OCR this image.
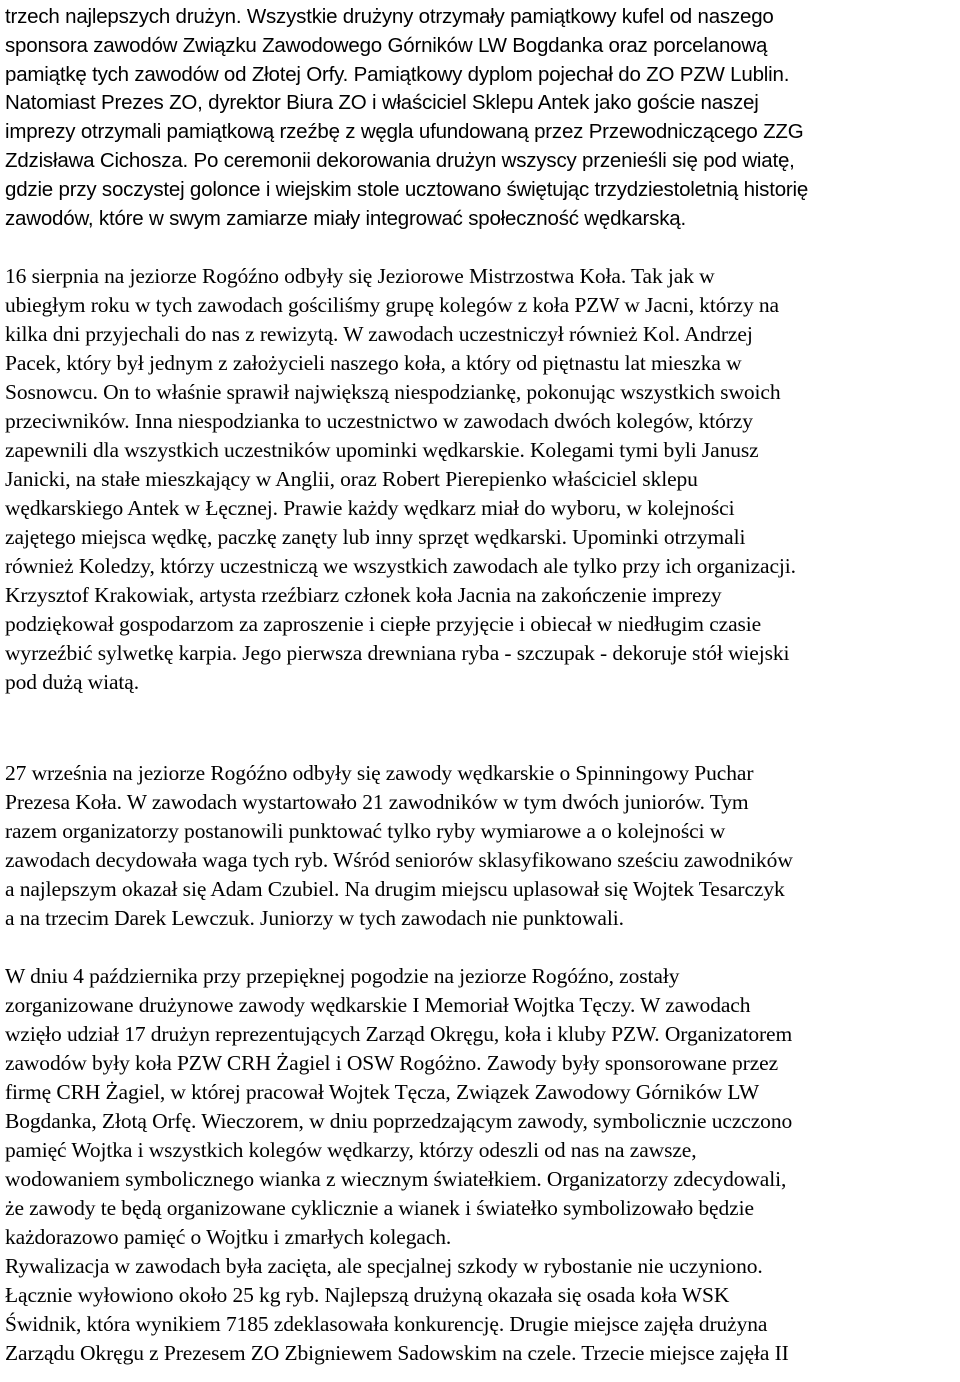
trzech najlepszych drużyn. Wszystkie drużyny otrzymały pamiątkowy kufel od naszego

sponsora zawodów Związku Zawodowego Górników LW Bogdanka oraz porcelanową

pamiątkę tych zawodów od Złotej Orfy. Pamiątkowy dyplom pojechał do ZO PZW Lublin.

Natomiast Prezes ZO, dyrektor Biura ZO i właściciel Sklepu Antek jako goście naszej

imprezy otrzymali pamiątkową rzeźbę z węgla ufundowaną przez Przewodniczącego ZZG

Zdzisława Cichosza. Po ceremonii dekorowania drużyn wszyscy przenieśli się pod wiatę,

gdzie przy soczystej golonce i wiejskim stole ucztowano świętując trzydziestoletnią historię

zawodów, które w swym zamiarze miały integrować społeczność wędkarską.

16 sierpnia na jeziorze Rogóźno odbyły się Jeziorowe Mistrzostwa Koła. Tak jak w

ubiegłym roku w tych zawodach gościliśmy grupę kolegów z koła PZW w Jacni, którzy na

kilka dni przyjechali do nas z rewizytą. W zawodach uczestniczył również Kol. Andrzej

Pacek, który był jednym z założycieli naszego koła, a który od piętnastu lat mieszka w

Sosnowcu. On to właśnie sprawił największą niespodziankę, pokonując wszystkich swoich

przeciwników. Inna niespodzianka to uczestnictwo w zawodach dwóch kolegów, którzy

zapewnili dla wszystkich uczestników upominki wędkarskie. Kolegami tymi byli Janusz

Janicki, na stałe mieszkający w Anglii, oraz Robert Pierepienko właściciel sklepu

wędkarskiego Antek w Łęcznej. Prawie każdy wędkarz miał do wyboru, w kolejności

zajętego miejsca wędkę, paczkę zanęty lub inny sprzęt wędkarski. Upominki otrzymali

również Koledzy, którzy uczestniczą we wszystkich zawodach ale tylko przy ich organizacji.

Krzysztof Krakowiak, artysta rzeźbiarz członek koła Jacnia na zakończenie imprezy

podziękował gospodarzom za zaproszenie i ciepłe przyjęcie i obiecał w niedługim czasie

wyrzeźbić sylwetkę karpia. Jego pierwsza drewniana ryba - szczupak - dekoruje stół wiejski

pod dużą wiatą.

27 września na jeziorze Rogóźno odbyły się zawody wędkarskie o Spinningowy Puchar

Prezesa Koła. W zawodach wystartowało 21 zawodników w tym dwóch juniorów. Tym

razem organizatorzy postanowili punktować tylko ryby wymiarowe a o kolejności w

zawodach decydowała waga tych ryb. Wśród seniorów sklasyfikowano sześciu zawodników

a najlepszym okazał się Adam Czubiel. Na drugim miejscu uplasował się Wojtek Tesarczyk

a na trzecim Darek Lewczuk. Juniorzy w tych zawodach nie punktowali.

W dniu 4 października przy przepięknej pogodzie na jeziorze Rogóźno, zostały

zorganizowane drużynowe zawody wędkarskie I Memoriał Wojtka Tęczy. W zawodach

wzięło udział 17 drużyn reprezentujących Zarząd Okręgu, koła i kluby PZW. Organizatorem

zawodów były koła PZW CRH Żagiel i OSW Rogóżno. Zawody były sponsorowane przez

firmę CRH Żagiel, w której pracował Wojtek Tęcza, Związek Zawodowy Górników LW

Bogdanka, Złotą Orfę. Wieczorem, w dniu poprzedzającym zawody, symbolicznie uczczono

pamięć Wojtka i wszystkich kolegów wędkarzy, którzy odeszli od nas na zawsze,

wodowaniem symbolicznego wianka z wiecznym światełkiem. Organizatorzy zdecydowali,

że zawody te będą organizowane cyklicznie a wianek i światełko symbolizowało będzie

każdorazowo pamięć o Wojtku i zmarłych kolegach.

Rywalizacja w zawodach była zacięta, ale specjalnej szkody w rybostanie nie uczyniono.

Łącznie wyłowiono około 25 kg ryb. Najlepszą drużyną okazała się osada koła WSK

Świdnik, która wynikiem 7185 zdeklasowała konkurencję. Drugie miejsce zajęła drużyna

Zarządu Okręgu z Prezesem ZO Zbigniewem Sadowskim na czele. Trzecie miejsce zajęła II
